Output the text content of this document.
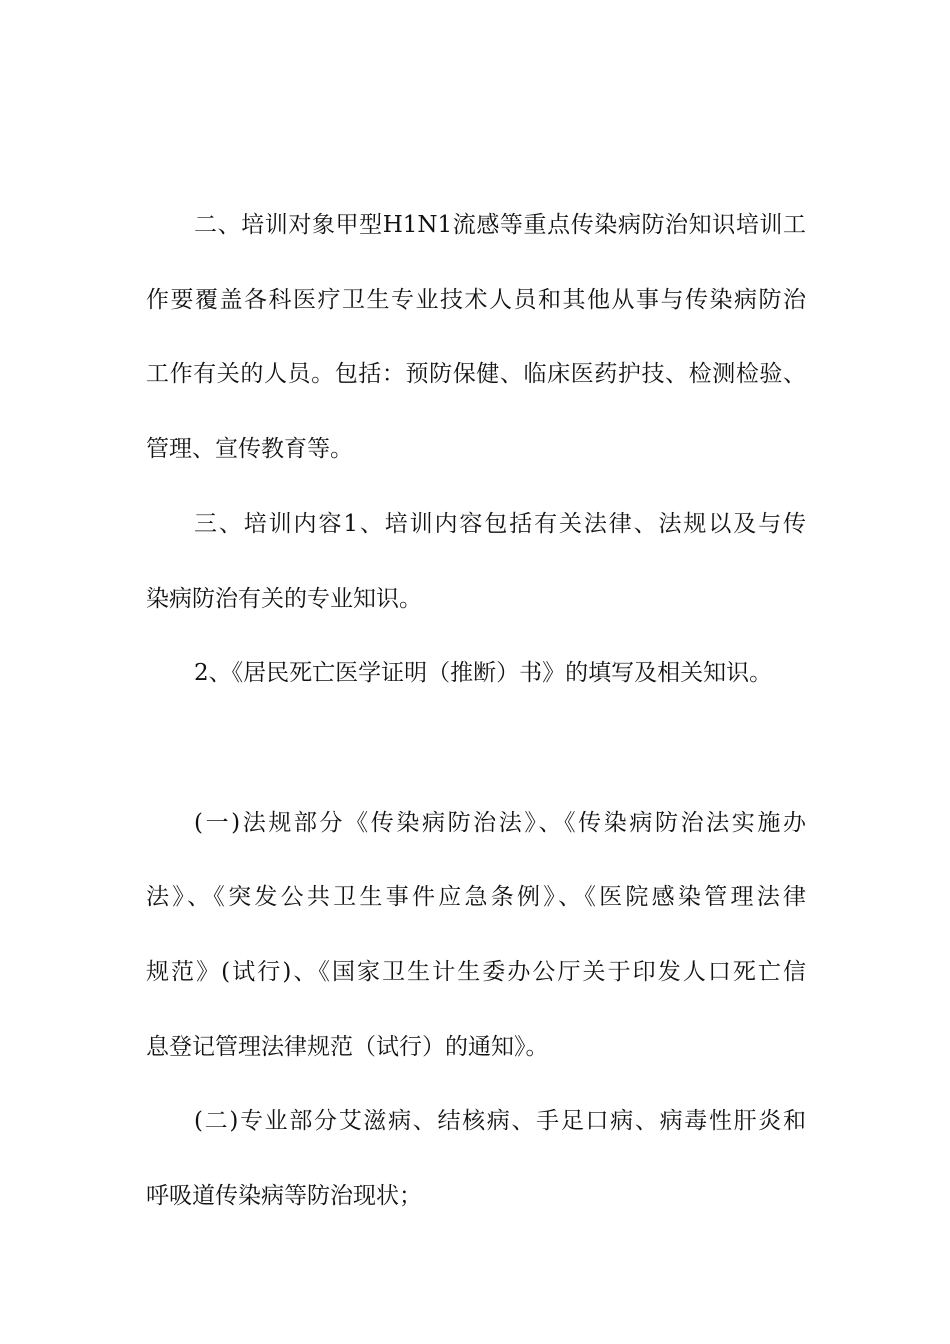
二、培训对象甲型H1N1流感等重点传染病防治知识培训工
作要覆盖各科医疗卫生专业技术人员和其他从事与传染病防治
工作有关的人员。包括：预防保健、临床医药护技、检测检验、
管理、宣传教育等。
三、培训内容1、培训内容包括有关法律、法规以及与传
染病防治有关的专业知识。
2、《居民死亡医学证明（推断）书》的填写及相关知识。
(一)法规部分《传染病防治法》、《传染病防治法实施办
法》、《突发公共卫生事件应急条例》、《医院感染管理法律
规范》(试行)、《国家卫生计生委办公厅关于印发人口死亡信
息登记管理法律规范（试行）的通知》。
(二)专业部分艾滋病、结核病、手足口病、病毒性肝炎和
呼吸道传染病等防治现状；
